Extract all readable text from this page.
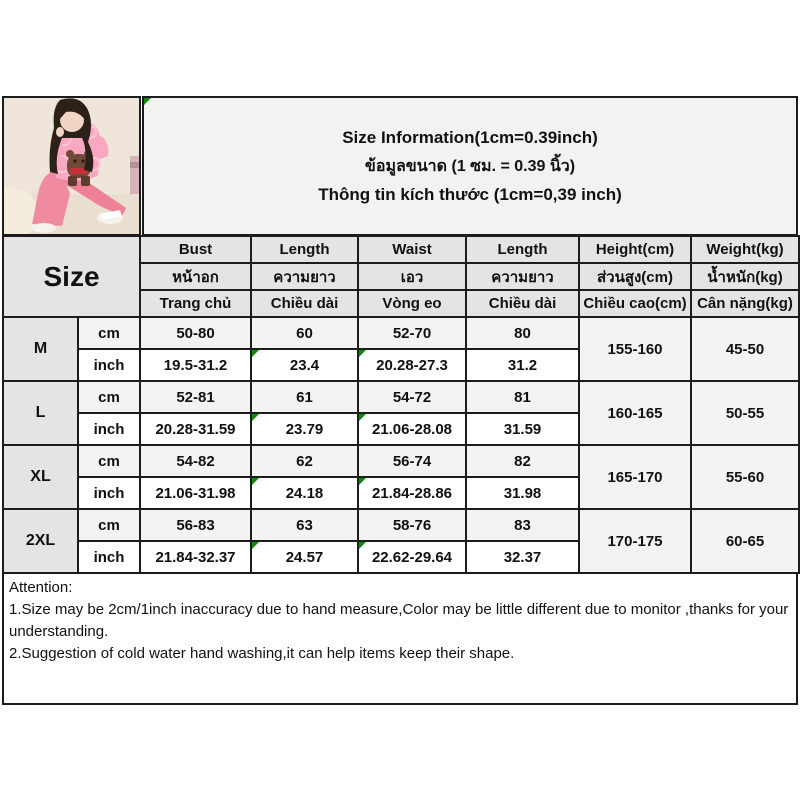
Size Information(1cm=0.39inch)
ข้อมูลขนาด (1 ซม. = 0.39 นิ้ว)
Thông tin kích thước (1cm=0,39 inch)
Size		Bust	Length	Waist	Length	Height(cm)	Weight(kg)
		หน้าอก	ความยาว	เอว	ความยาว	ส่วนสูง(cm)	น้ำหนัก(kg)
		Trang chủ	Chiều dài	Vòng eo	Chiều dài	Chiều cao(cm)	Cân nặng(kg)
M	cm	50-80	60	52-70	80	155-160	45-50
	inch	19.5-31.2	23.4	20.28-27.3	31.2		
L	cm	52-81	61	54-72	81	160-165	50-55
	inch	20.28-31.59	23.79	21.06-28.08	31.59		
XL	cm	54-82	62	56-74	82	165-170	55-60
	inch	21.06-31.98	24.18	21.84-28.86	31.98		
2XL	cm	56-83	63	58-76	83	170-175	60-65
	inch	21.84-32.37	24.57	22.62-29.64	32.37		

Attention:

1.Size may be 2cm/1inch inaccuracy due to hand measure,Color may be little different due to monitor ,thanks for your understanding.

2.Suggestion of cold water hand washing,it can help items keep their shape.
